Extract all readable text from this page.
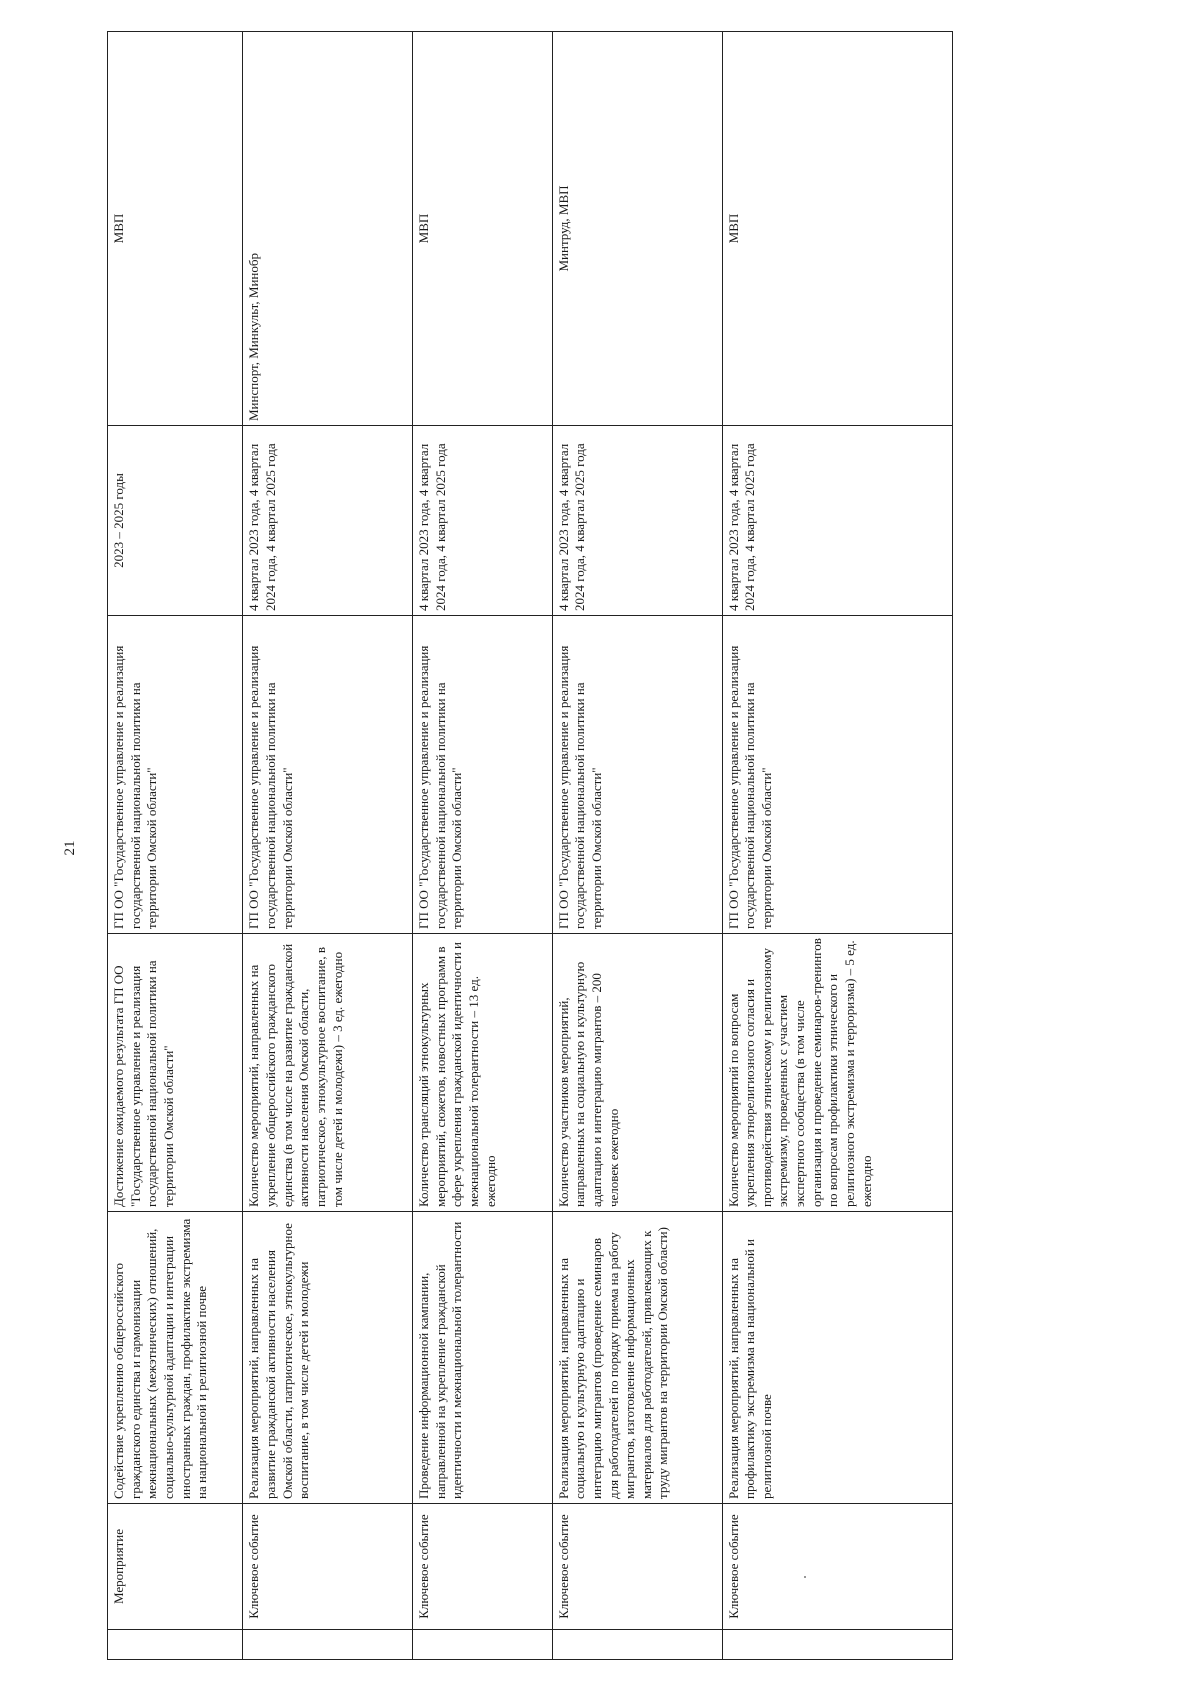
21
	Мероприятие	Содействие укреплению общероссийского гражданского единства и гармонизации межнациональных (межэтнических) отношений, социально-культурной адаптации и интеграции иностранных граждан, профилактике экстремизма на национальной и религиозной почве	Достижение ожидаемого результата ГП ОО "Государственное управление и реализация государственной национальной политики на территории Омской области"	ГП ОО "Государственное управление и реализация государственной национальной политики на территории Омской области"	2023 – 2025 годы	МВП
	Ключевое событие	Реализация мероприятий, направленных на развитие гражданской активности населения Омской области, патриотическое, этнокультурное воспитание, в том числе детей и молодежи	Количество мероприятий, направленных на укрепление общероссийского гражданского единства (в том числе на развитие гражданской активности населения Омской области, патриотическое, этнокультурное воспитание, в том числе детей и молодежи) – 3 ед. ежегодно	ГП ОО "Государственное управление и реализация государственной национальной политики на территории Омской области"	4 квартал 2023 года, 4 квартал 2024 года, 4 квартал 2025 года	Минспорт, Минкульт, Минобр
	Ключевое событие	Проведение информационной кампании, направленной на укрепление гражданской идентичности и межнациональной толерантности	Количество трансляций этнокультурных мероприятий, сюжетов, новостных программ в сфере укрепления гражданской идентичности и межнациональной толерантности – 13 ед. ежегодно	ГП ОО "Государственное управление и реализация государственной национальной политики на территории Омской области"	4 квартал 2023 года, 4 квартал 2024 года, 4 квартал 2025 года	МВП
	Ключевое событие	Реализация мероприятий, направленных на социальную и культурную адаптацию и интеграцию мигрантов (проведение семинаров для работодателей по порядку приема на работу мигрантов, изготовление информационных материалов для работодателей, привлекающих к труду мигрантов на территории Омской области)	Количество участников мероприятий, направленных на социальную и культурную адаптацию и интеграцию мигрантов – 200 человек ежегодно	ГП ОО "Государственное управление и реализация государственной национальной политики на территории Омской области"	4 квартал 2023 года, 4 квартал 2024 года, 4 квартал 2025 года	Минтруд, МВП
	Ключевое событие	Реализация мероприятий, направленных на профилактику экстремизма на национальной и религиозной почве	Количество мероприятий по вопросам укрепления этнорелигиозного согласия и противодействия этническому и религиозному экстремизму, проведенных с участием экспертного сообщества (в том числе организация и проведение семинаров-тренингов по вопросам профилактики этнического и религиозного экстремизма и терроризма) – 5 ед. ежегодно	ГП ОО "Государственное управление и реализация государственной национальной политики на территории Омской области"	4 квартал 2023 года, 4 квартал 2024 года, 4 квартал 2025 года	МВП
